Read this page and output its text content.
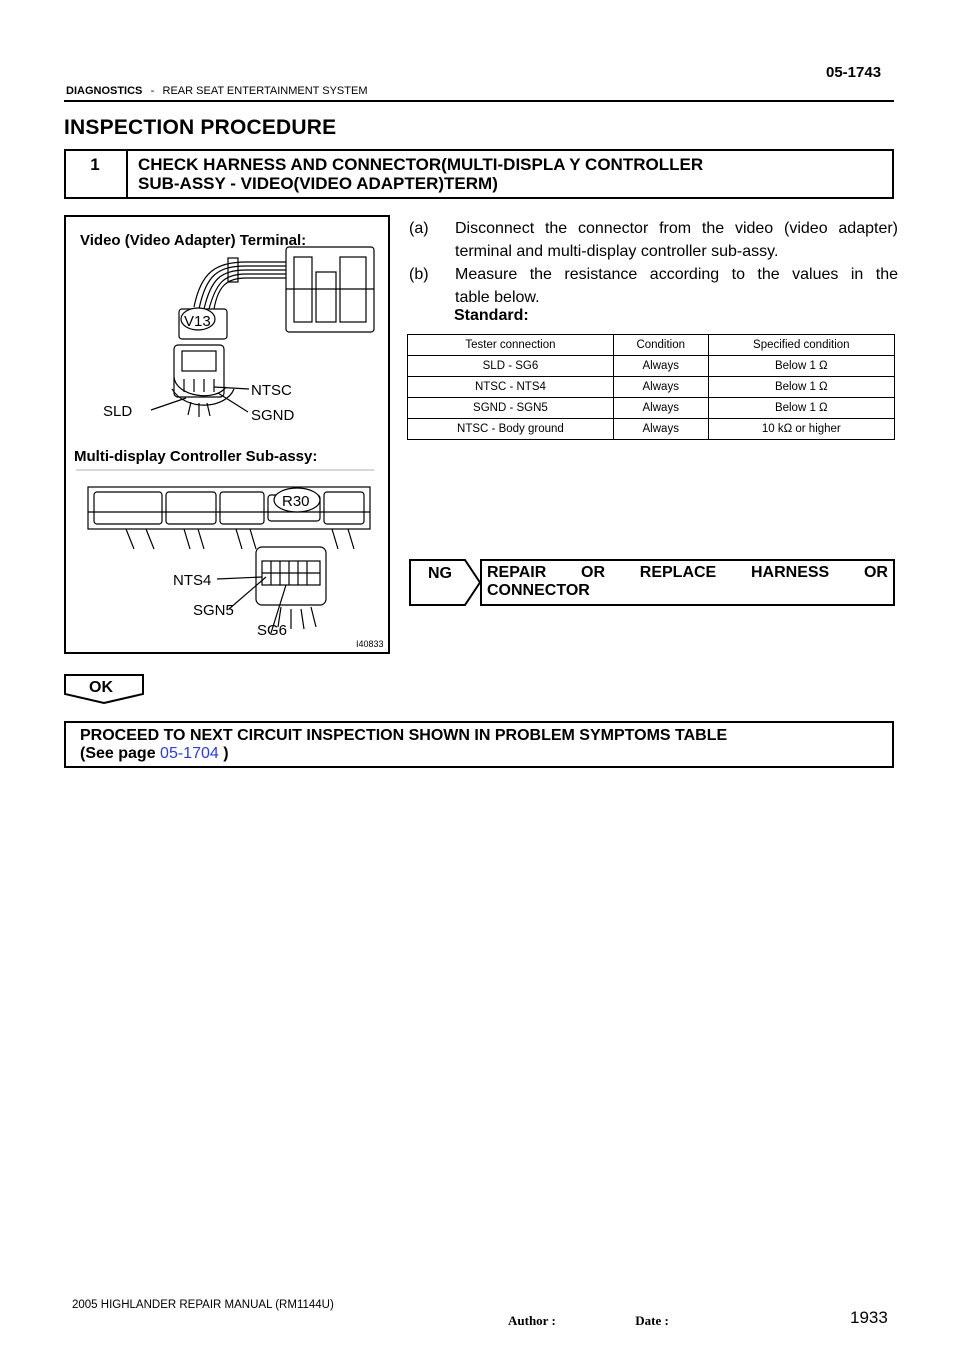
05-1743
DIAGNOSTICS - REAR SEAT ENTERTAINMENT SYSTEM
INSPECTION PROCEDURE
1	CHECK HARNESS AND CONNECTOR(MULTI-DISPLA Y CONTROLLER
SUB-ASSY - VIDEO(VIDEO ADAPTER)TERM)
Video (Video Adapter) Terminal:
V13
NTSC
SLD	SGND
Multi-display Controller Sub-assy:
R30
NTS4
SGN5
SG6
I40833
(a) Disconnect the connector from the video (video adapter)
terminal and multi-display controller sub-assy.
(b) Measure the resistance according to the values in the
table below.
Standard:
Tester connection	Condition	Specified condition
SLD - SG6	Always	Below 1 Ω
NTSC - NTS4	Always	Below 1 Ω
SGND - SGN5	Always	Below 1 Ω
NTSC - Body ground	Always	10 kΩ or higher
NG REPAIR OR REPLACE HARNESS OR
CONNECTOR
OK
PROCEED TO NEXT CIRCUIT INSPECTION SHOWN IN PROBLEM SYMPTOMS TABLE
(See page 05-1704 )
2005 HIGHLANDER REPAIR MANUAL (RM1144U)
Author :	Date :	1933
